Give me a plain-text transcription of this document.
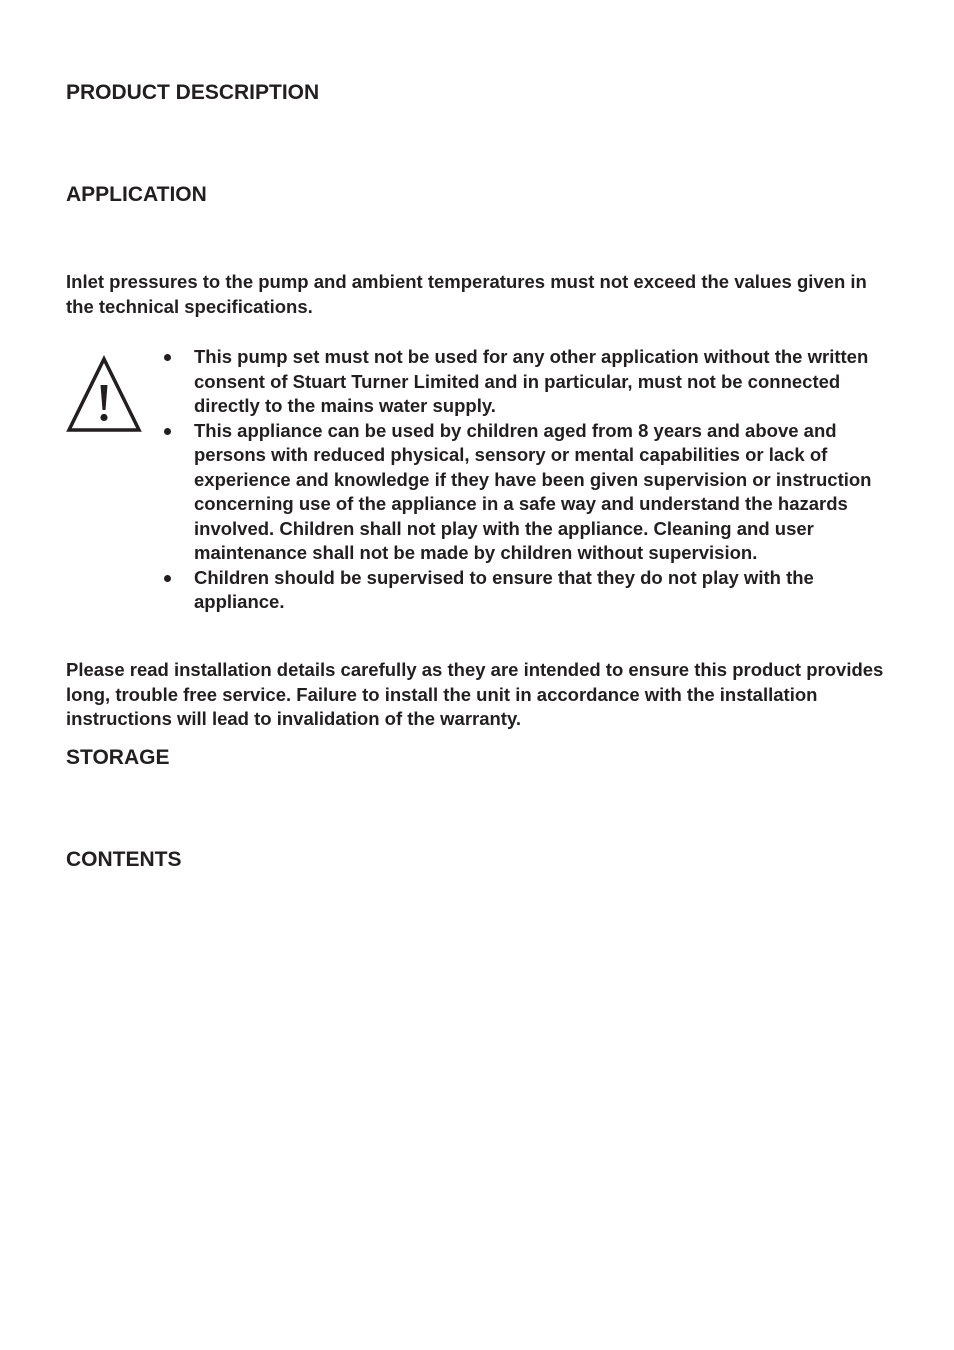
PRODUCT DESCRIPTION
APPLICATION

Inlet pressures to the pump and ambient temperatures must not exceed the values given in the technical specifications.

This pump set must not be used for any other application without the written consent of Stuart Turner Limited and in particular, must not be connected directly to the mains water supply.
This appliance can be used by children aged from 8 years and above and persons with reduced physical, sensory or mental capabilities or lack of experience and knowledge if they have been given supervision or instruction concerning use of the appliance in a safe way and understand the hazards involved. Children shall not play with the appliance. Cleaning and user maintenance shall not be made by children without supervision.
Children should be supervised to ensure that they do not play with the appliance.

Please read installation details carefully as they are intended to ensure this product provides long, trouble free service. Failure to install the unit in accordance with the installation instructions will lead to invalidation of the warranty.

STORAGE
CONTENTS
